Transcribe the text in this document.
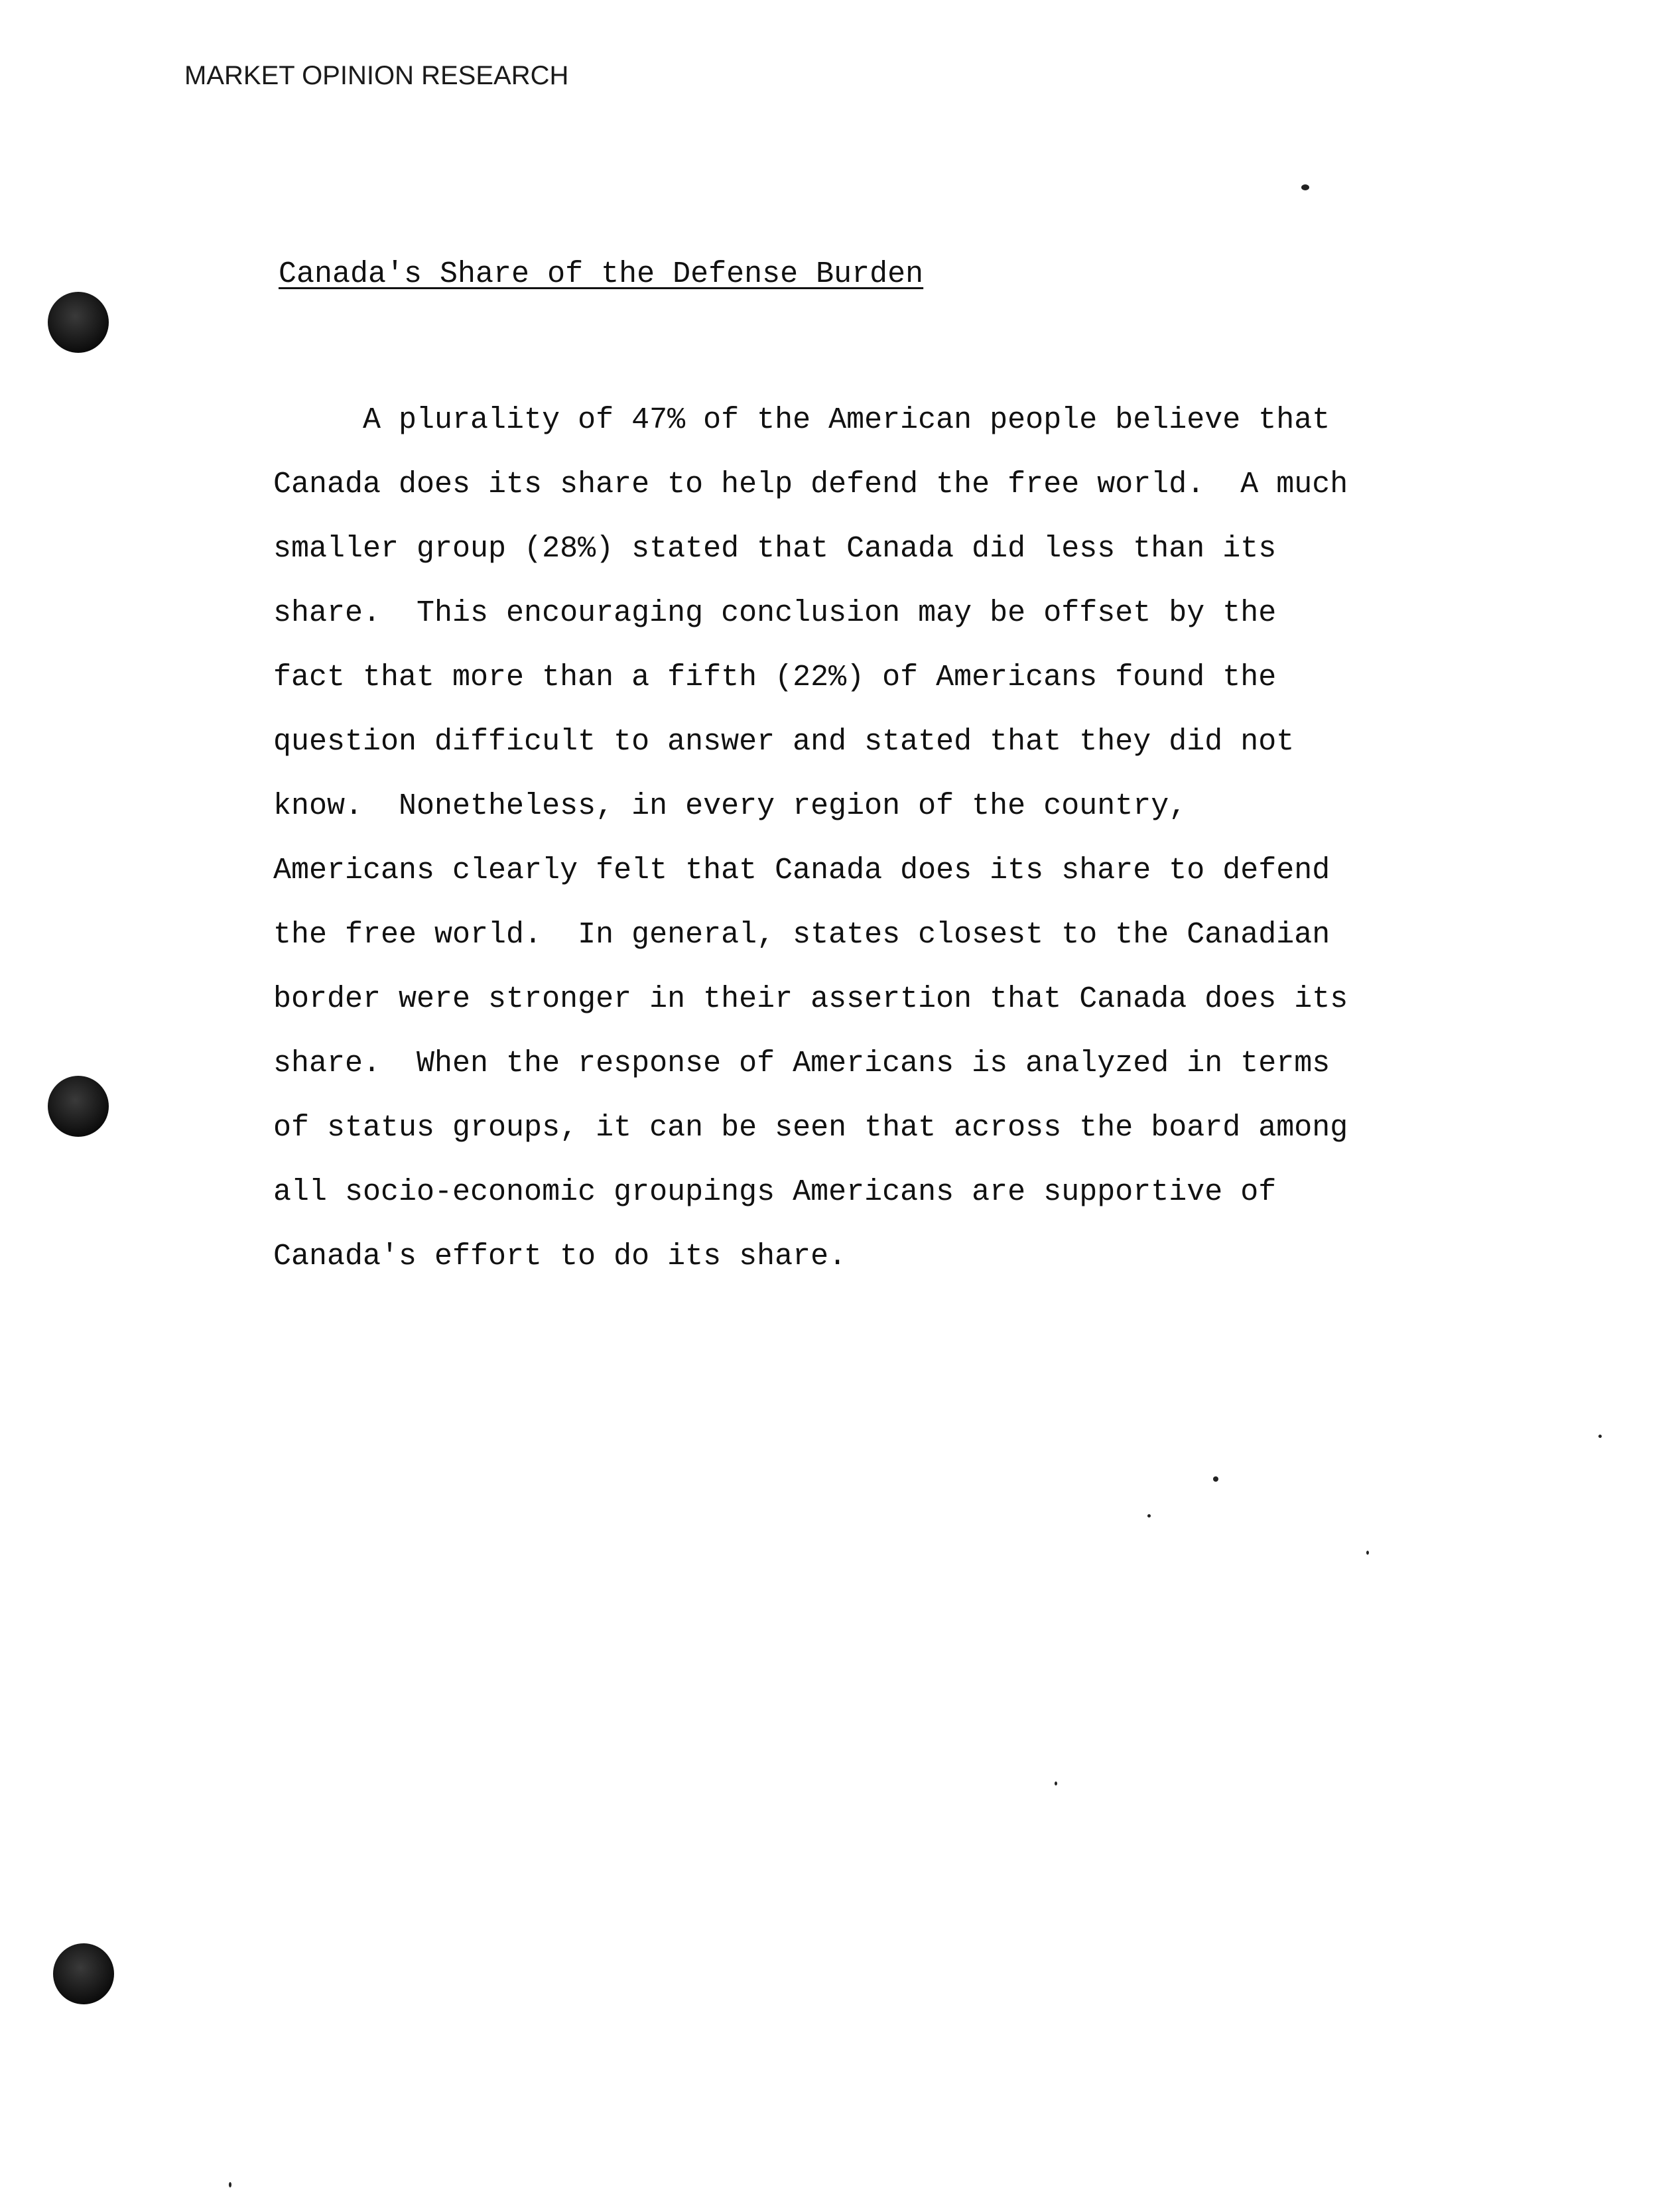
MARKET OPINION RESEARCH
Canada's Share of the Defense Burden
A plurality of 47% of the American people believe that
Canada does its share to help defend the free world.  A much
smaller group (28%) stated that Canada did less than its
share.  This encouraging conclusion may be offset by the
fact that more than a fifth (22%) of Americans found the
question difficult to answer and stated that they did not
know.  Nonetheless, in every region of the country,
Americans clearly felt that Canada does its share to defend
the free world.  In general, states closest to the Canadian
border were stronger in their assertion that Canada does its
share.  When the response of Americans is analyzed in terms
of status groups, it can be seen that across the board among
all socio-economic groupings Americans are supportive of
Canada's effort to do its share.
